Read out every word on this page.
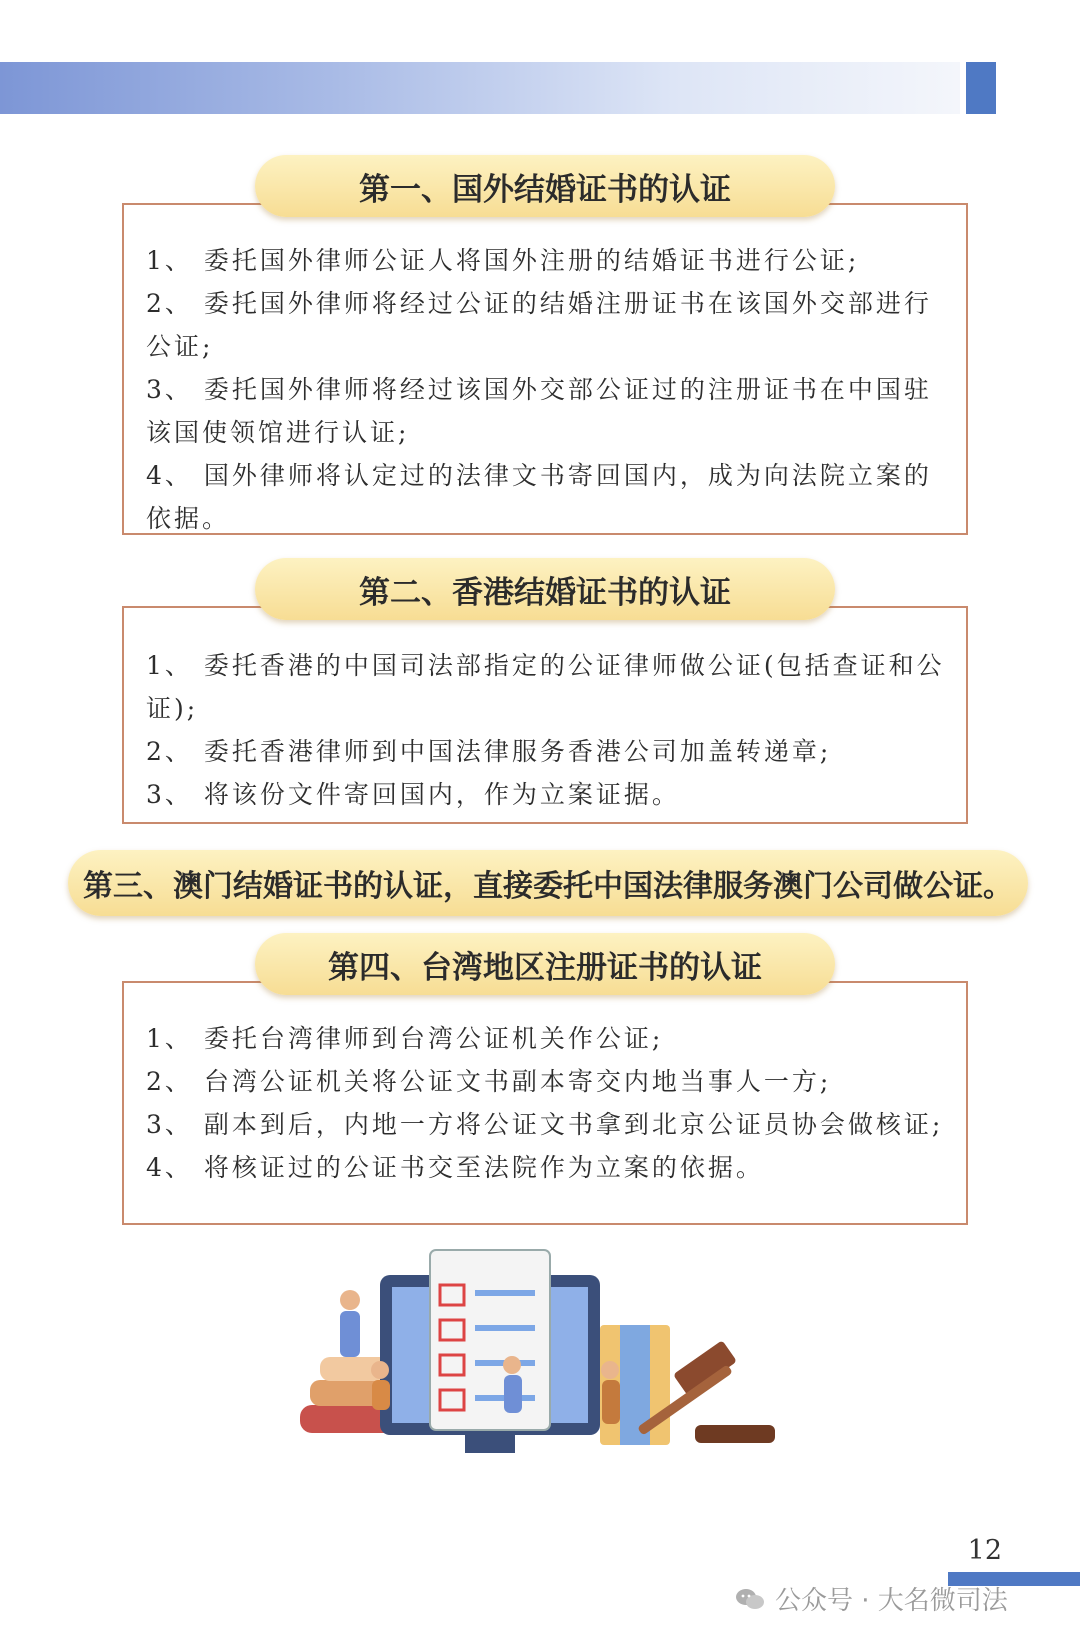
第一、国外结婚证书的认证
1、 委托国外律师公证人将国外注册的结婚证书进行公证;
2、 委托国外律师将经过公证的结婚注册证书在该国外交部进行公证;
3、 委托国外律师将经过该国外交部公证过的注册证书在中国驻该国使领馆进行认证;
4、 国外律师将认定过的法律文书寄回国内，成为向法院立案的依据。
第二、香港结婚证书的认证
1、 委托香港的中国司法部指定的公证律师做公证(包括查证和公证);
2、 委托香港律师到中国法律服务香港公司加盖转递章;
3、 将该份文件寄回国内，作为立案证据。
第三、澳门结婚证书的认证，直接委托中国法律服务澳门公司做公证。
第四、台湾地区注册证书的认证
1、 委托台湾律师到台湾公证机关作公证;
2、 台湾公证机关将公证文书副本寄交内地当事人一方;
3、 副本到后，内地一方将公证文书拿到北京公证员协会做核证;
4、 将核证过的公证书交至法院作为立案的依据。
12
公众号 · 大名微司法
